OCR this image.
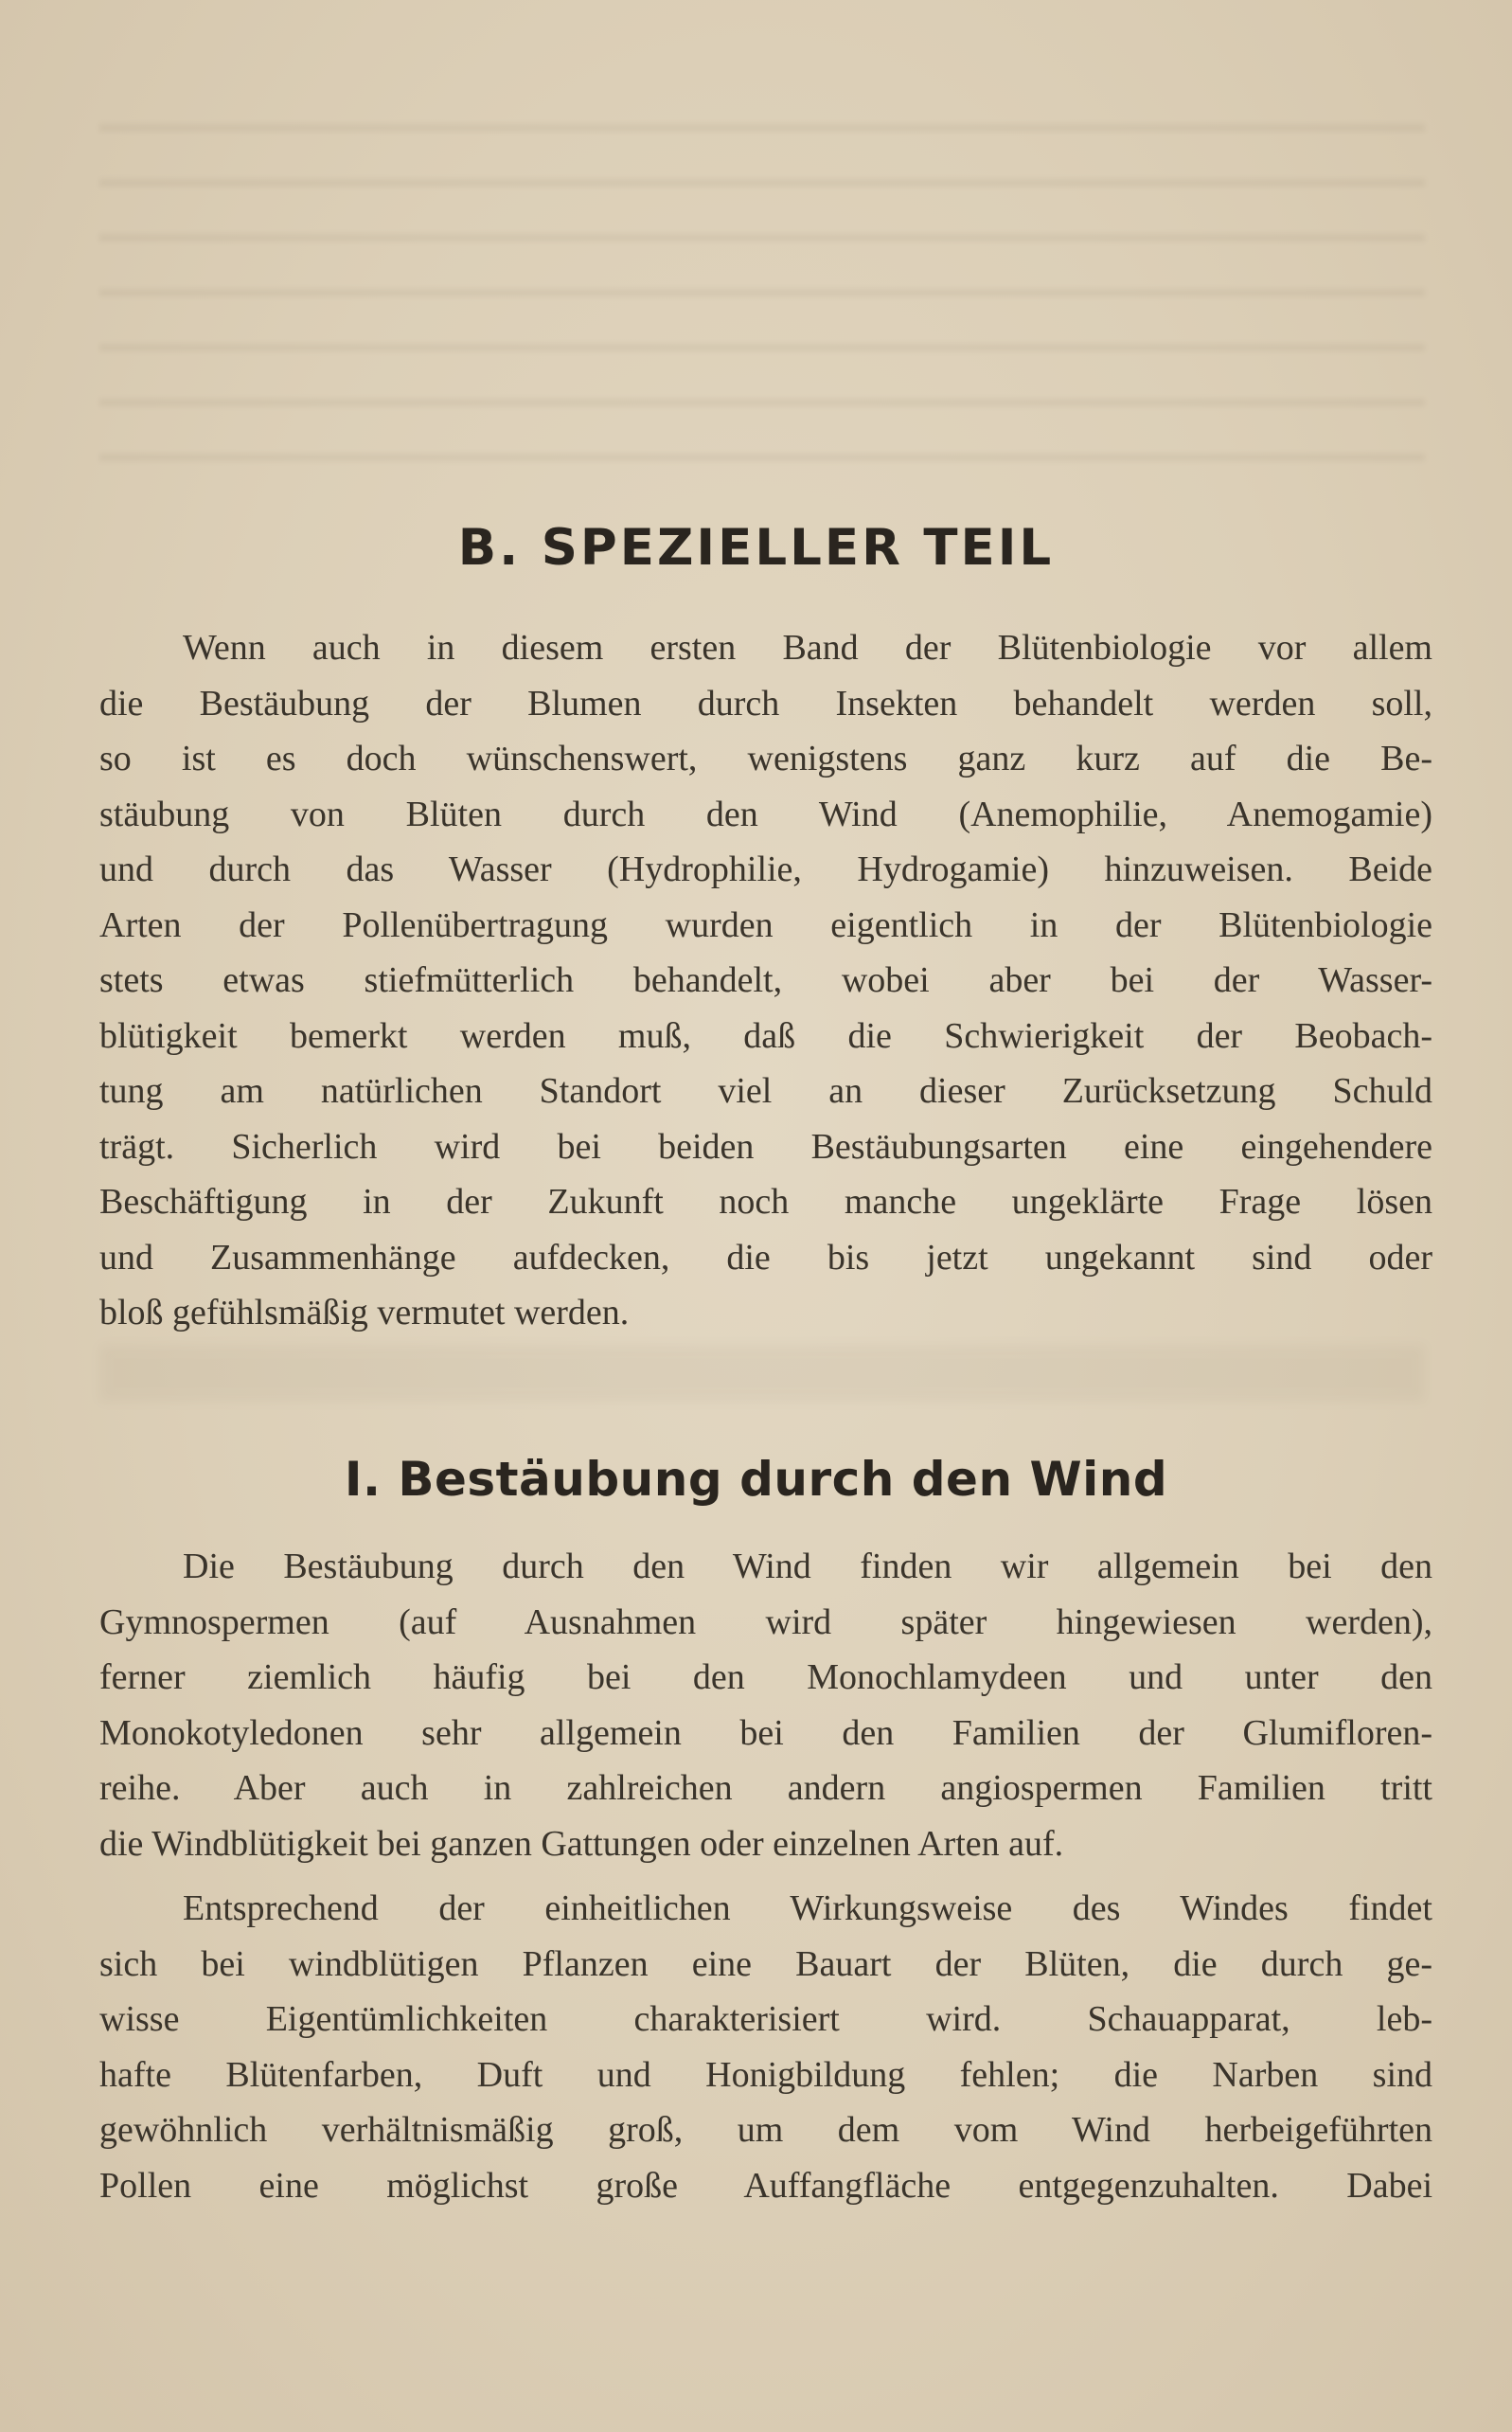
B. SPEZIELLER TEIL
Wenn auch in diesem ersten Band der Blütenbiologie vor allem
die Bestäubung der Blumen durch Insekten behandelt werden soll,
so ist es doch wünschenswert, wenigstens ganz kurz auf die Be-
stäubung von Blüten durch den Wind (Anemophilie, Anemogamie)
und durch das Wasser (Hydrophilie, Hydrogamie) hinzuweisen. Beide
Arten der Pollenübertragung wurden eigentlich in der Blütenbiologie
stets etwas stiefmütterlich behandelt, wobei aber bei der Wasser-
blütigkeit bemerkt werden muß, daß die Schwierigkeit der Beobach-
tung am natürlichen Standort viel an dieser Zurücksetzung Schuld
trägt. Sicherlich wird bei beiden Bestäubungsarten eine eingehendere
Beschäftigung in der Zukunft noch manche ungeklärte Frage lösen
und Zusammenhänge aufdecken, die bis jetzt ungekannt sind oder
bloß gefühlsmäßig vermutet werden.
I. Bestäubung durch den Wind
Die Bestäubung durch den Wind finden wir allgemein bei den
Gymnospermen (auf Ausnahmen wird später hingewiesen werden),
ferner ziemlich häufig bei den Monochlamydeen und unter den
Monokotyledonen sehr allgemein bei den Familien der Glumifloren-
reihe. Aber auch in zahlreichen andern angiospermen Familien tritt
die Windblütigkeit bei ganzen Gattungen oder einzelnen Arten auf.
Entsprechend der einheitlichen Wirkungsweise des Windes findet
sich bei windblütigen Pflanzen eine Bauart der Blüten, die durch ge-
wisse Eigentümlichkeiten charakterisiert wird. Schauapparat, leb-
hafte Blütenfarben, Duft und Honigbildung fehlen; die Narben sind
gewöhnlich verhältnismäßig groß, um dem vom Wind herbeigeführten
Pollen eine möglichst große Auffangfläche entgegenzuhalten. Dabei
